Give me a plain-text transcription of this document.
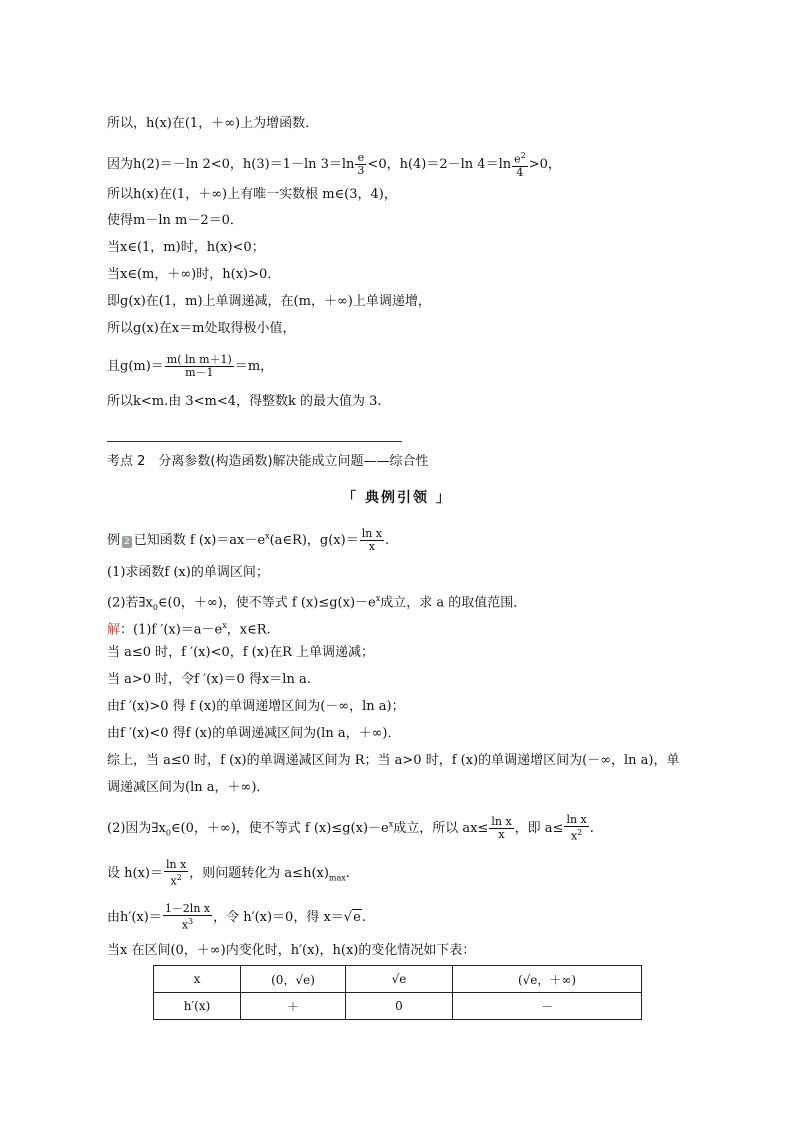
所以，h(x)在(1，＋∞)上为增函数．
因为h(2)＝－ln 2<0，h(3)＝1－ln $3=\ln \frac{e}{3} <0$，h(4)＝2－ln $4=\ln \frac{e^2}{4} >0$，
所以h(x)在(1，＋∞)上有唯一实数根 m∈(3，4)，
使得m－ln m－2＝0．
当x∈(1，m)时，h(x)<0；
当x∈(m，＋∞)时，h(x)>0．
即g(x)在(1，m)上单调递减，在(m，＋∞)上单调递增，
所以g(x)在x＝m处取得极小值，
且$g(m)= \frac{\text{m( ln m＋1)}}{m-1} =m$，
所以k<m.由 3<m<4，得整数k 的最大值为 3.
考点 2　分离参数(构造函数)解决能成立问题——综合性
「 典例引领 」
例 2 已知函数 f $(x)=ax-e^x(a\in R)$，$g(x)= \frac{\text{ln x}}{x}$ .
(1)求函数f (x)的单调区间；
(2)若$\exists x_0\in(0$，＋∞)，使不等式 f $(x)\le g(x)-e^x$成立，求 a 的取值范围．
解：(1)f $'(x)=a-e^x$，x∈R.
当 a≤0 时，f ′(x)<0，f (x)在R 上单调递减；
当 a>0 时，令f ′(x)＝0 得x＝ln a.
由f ′(x)>0 得 f (x)的单调递增区间为(－∞，ln a)；
由f ′(x)<0 得f (x)的单调递减区间为(ln a，＋∞)．
综上，当 a≤0 时，f (x)的单调递减区间为 R；当 a>0 时，f (x)的单调递增区间为(－∞，ln a)，单
调递减区间为(ln a，＋∞)．
(2)因为$\exists x_0\in(0$，＋∞)，使不等式 f $(x)\le g(x)-e^x$成立，所以 $ax\le \frac{\text{ln x}}{x}$ ，即 $a\le \frac{\text{ln x}}{x^2}$ .
设 $h(x)= \frac{\text{ln x}}{x^2}$ ，则问题转化为 $a\le h(x)_{max}$.
由$h'(x)= \frac{\text{1－2ln x}}{x^3}$ ，令 h′(x)＝0，得 x＝√e.
当x 在区间(0，＋∞)内变化时，h′(x)，h(x)的变化情况如下表：
x	(0，√e)	√e	(√e，＋∞)
h′(x)	＋	0	－
